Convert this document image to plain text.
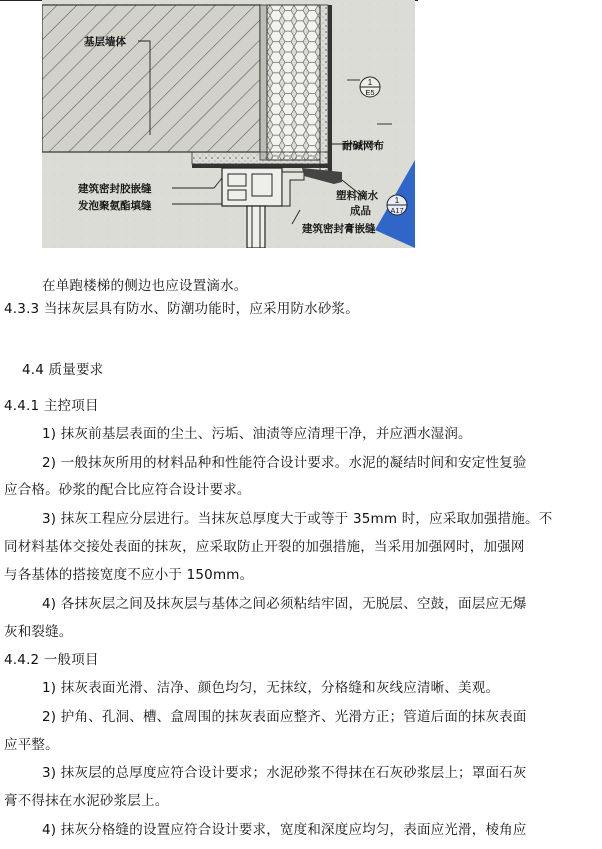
1
E5
1
A17
基层墙体
耐碱网布
建筑密封胶嵌缝
发泡聚氨酯填缝
塑料滴水
成品
建筑密封膏嵌缝
在单跑楼梯的侧边也应设置滴水。
4.3.3 当抹灰层具有防水、防潮功能时，应采用防水砂浆。
4.4 质量要求
4.4.1 主控项目
1) 抹灰前基层表面的尘土、污垢、油渍等应清理干净，并应洒水湿润。
2) 一般抹灰所用的材料品种和性能符合设计要求。水泥的凝结时间和安定性复验
应合格。砂浆的配合比应符合设计要求。
3) 抹灰工程应分层进行。当抹灰总厚度大于或等于 35mm 时，应采取加强措施。不
同材料基体交接处表面的抹灰，应采取防止开裂的加强措施，当采用加强网时，加强网
与各基体的搭接宽度不应小于 150mm。
4) 各抹灰层之间及抹灰层与基体之间必须粘结牢固，无脱层、空鼓，面层应无爆
灰和裂缝。
4.4.2 一般项目
1) 抹灰表面光滑、洁净、颜色均匀，无抹纹，分格缝和灰线应清晰、美观。
2) 护角、孔洞、槽、盒周围的抹灰表面应整齐、光滑方正；管道后面的抹灰表面
应平整。
3) 抹灰层的总厚度应符合设计要求；水泥砂浆不得抹在石灰砂浆层上；罩面石灰
膏不得抹在水泥砂浆层上。
4) 抹灰分格缝的设置应符合设计要求，宽度和深度应均匀，表面应光滑，棱角应
